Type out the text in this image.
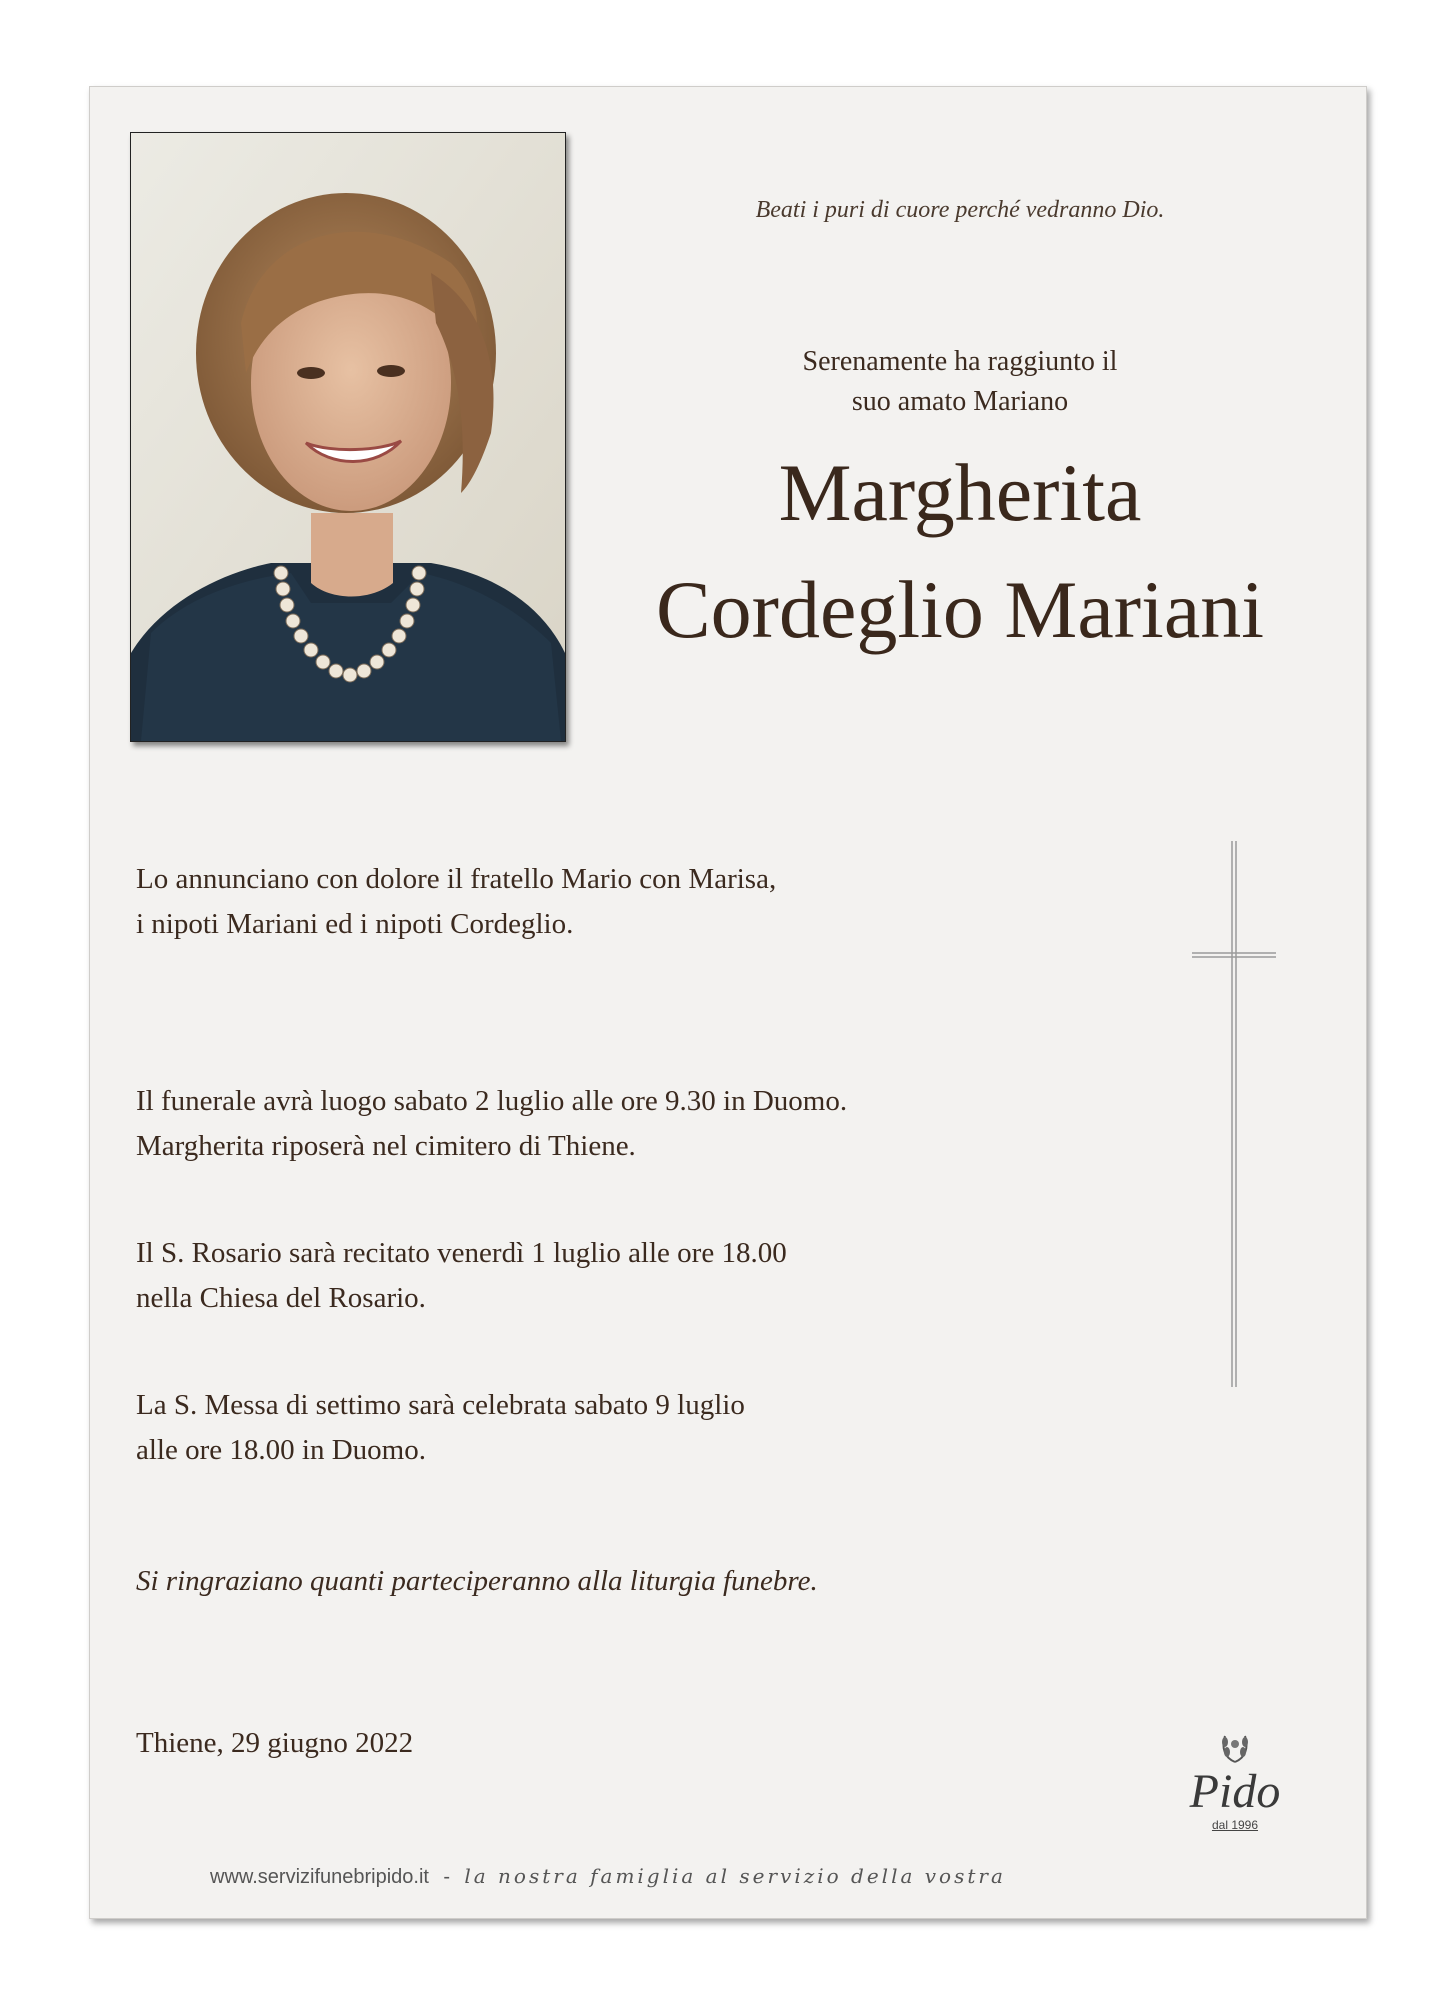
Beati i puri di cuore perché vedranno Dio.
Serenamente ha raggiunto il
suo amato Mariano
Margherita
Cordeglio Mariani
Lo annunciano con dolore il fratello Mario con Marisa,
i nipoti Mariani ed i nipoti Cordeglio.
Il funerale avrà luogo sabato 2 luglio alle ore 9.30 in Duomo.
Margherita riposerà nel cimitero di Thiene.
Il S. Rosario sarà recitato venerdì 1 luglio alle ore 18.00
nella Chiesa del Rosario.
La S. Messa di settimo sarà celebrata sabato 9 luglio
alle ore 18.00 in Duomo.
Si ringraziano quanti parteciperanno alla liturgia funebre.
Thiene, 29 giugno 2022
Pido
dal 1996
www.servizifunebripido.it - la nostra famiglia al servizio della vostra
